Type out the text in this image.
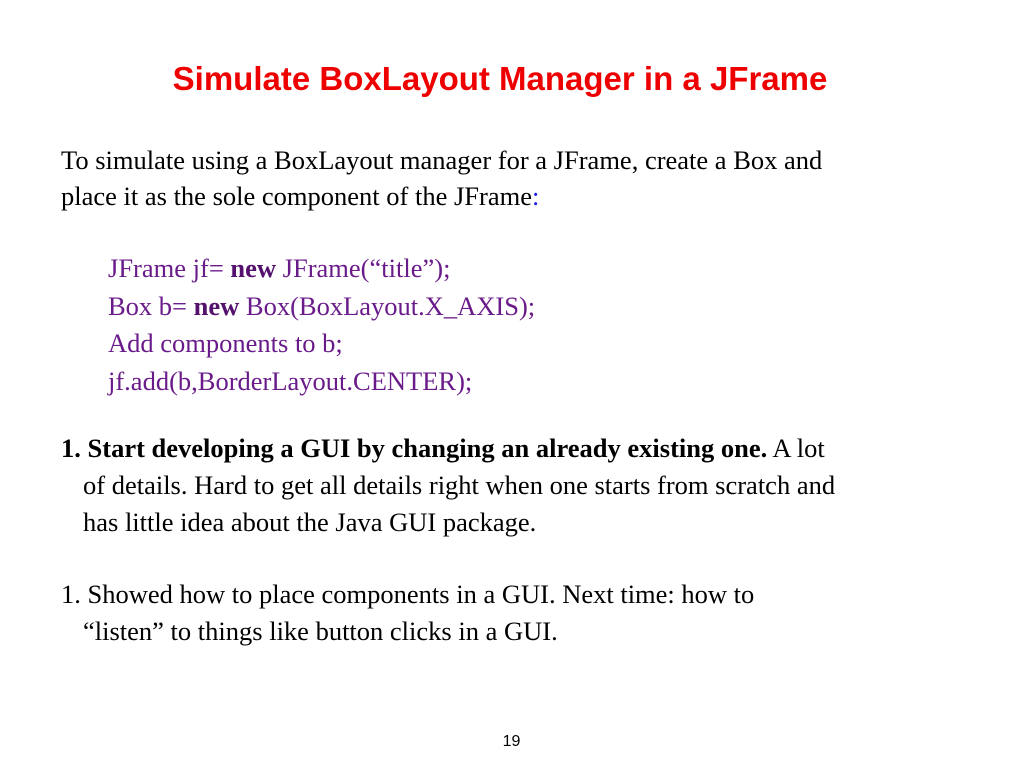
Simulate BoxLayout Manager in a JFrame
To simulate using a BoxLayout manager for a JFrame, create a Box and
place it as the sole component of the JFrame:
JFrame jf= new JFrame(“title”);
Box b= new Box(BoxLayout.X_AXIS);
Add components to b;
jf.add(b,BorderLayout.CENTER);
1. Start developing a GUI by changing an already existing one. A lot
of details. Hard to get all details right when one starts from scratch and
has little idea about the Java GUI package.
1. Showed how to place components in a GUI. Next time: how to
“listen” to things like button clicks in a GUI.
19
